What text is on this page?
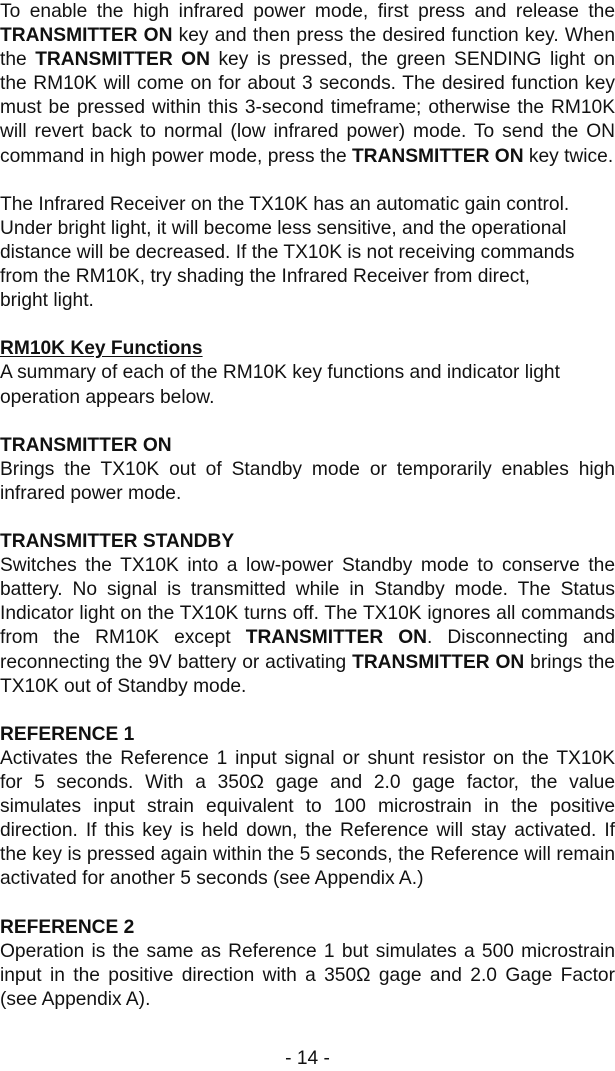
To enable the high infrared power mode, first press and release the TRANSMITTER ON key and then press the desired function key. When the TRANSMITTER ON key is pressed, the green SENDING light on the RM10K will come on for about 3 seconds. The desired function key must be pressed within this 3-second timeframe; otherwise the RM10K will revert back to normal (low infrared power) mode. To send the ON command in high power mode, press the TRANSMITTER ON key twice.

The Infrared Receiver on the TX10K has an automatic gain control. Under bright light, it will become less sensitive, and the operational distance will be decreased. If the TX10K is not receiving commands from the RM10K, try shading the Infrared Receiver from direct, bright light.

RM10K Key Functions

A summary of each of the RM10K key functions and indicator light operation appears below.

TRANSMITTER ON

Brings the TX10K out of Standby mode or temporarily enables high infrared power mode.

TRANSMITTER STANDBY

Switches the TX10K into a low-power Standby mode to conserve the battery. No signal is transmitted while in Standby mode. The Status Indicator light on the TX10K turns off. The TX10K ignores all commands from the RM10K except TRANSMITTER ON. Disconnecting and reconnecting the 9V battery or activating TRANSMITTER ON brings the TX10K out of Standby mode.

REFERENCE 1

Activates the Reference 1 input signal or shunt resistor on the TX10K for 5 seconds. With a 350Ω gage and 2.0 gage factor, the value simulates input strain equivalent to 100 microstrain in the positive direction. If this key is held down, the Reference will stay activated. If the key is pressed again within the 5 seconds, the Reference will remain activated for another 5 seconds (see Appendix A.)

REFERENCE 2

Operation is the same as Reference 1 but simulates a 500 microstrain input in the positive direction with a 350Ω gage and 2.0 Gage Factor (see Appendix A).

- 14 -
